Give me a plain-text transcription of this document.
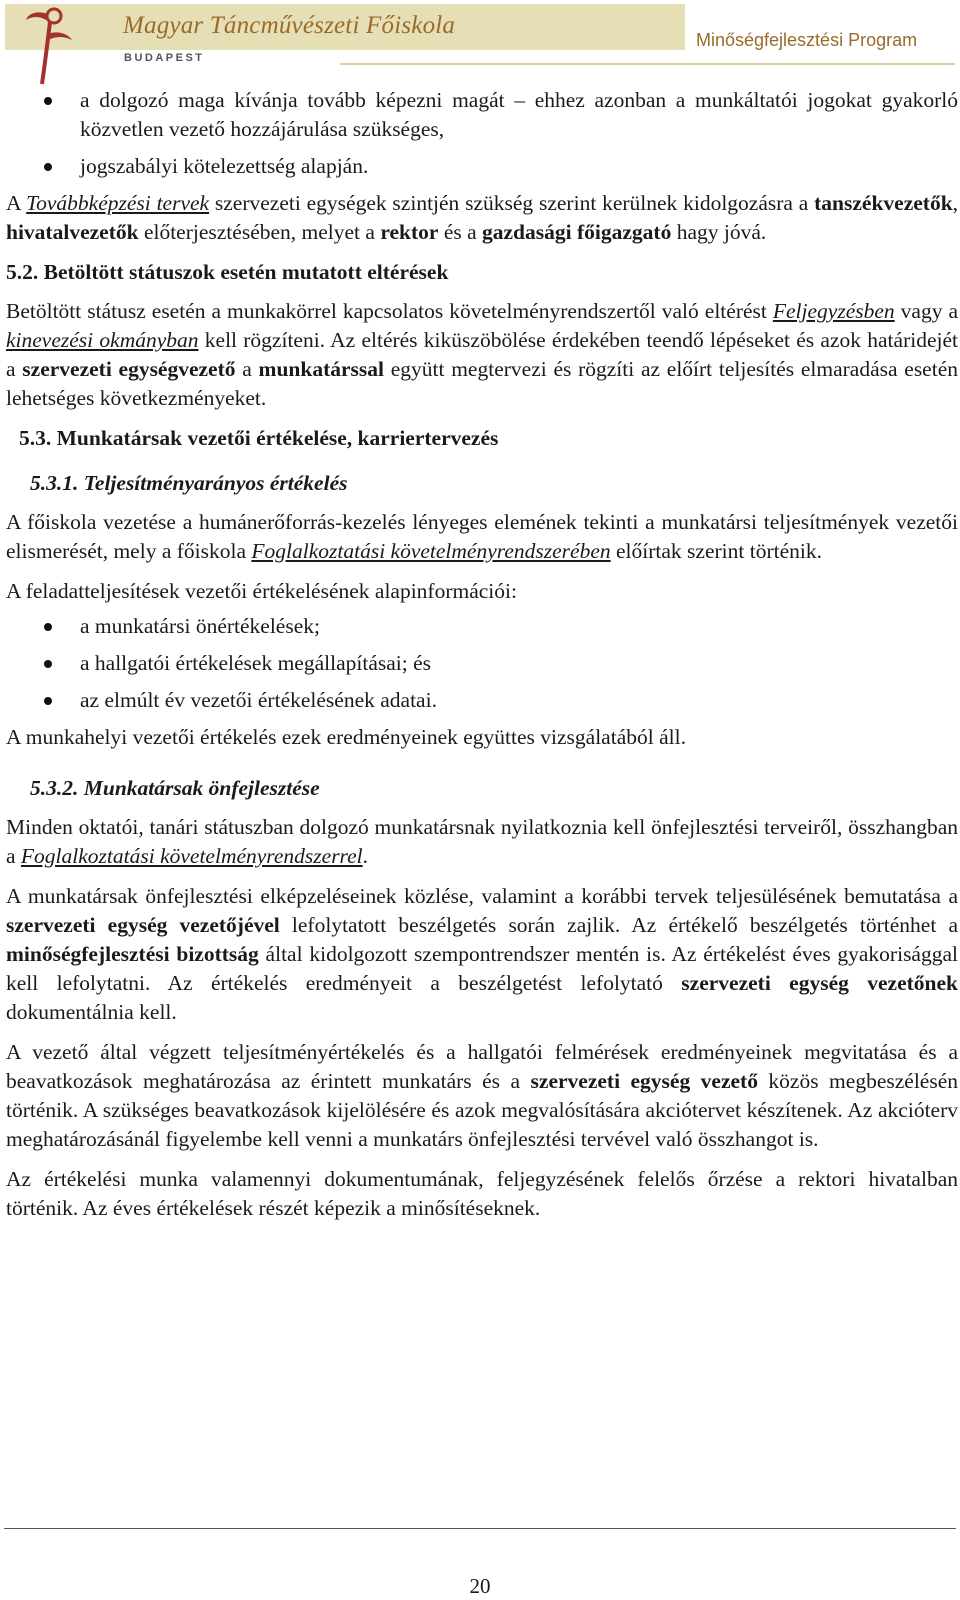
Magyar Táncművészeti Főiskola
BUDAPEST
Minőségfejlesztési Program
a dolgozó maga kívánja tovább képezni magát – ehhez azonban a munkáltatói jogokat gyakorló közvetlen vezető hozzájárulása szükséges,
jogszabályi kötelezettség alapján.

A Továbbképzési tervek szervezeti egységek szintjén szükség szerint kerülnek kidolgozásra a tanszékvezetők, hivatalvezetők előterjesztésében, melyet a rektor és a gazdasági főigazgató hagy jóvá.

5.2. Betöltött státuszok esetén mutatott eltérések

Betöltött státusz esetén a munkakörrel kapcsolatos követelményrendszertől való eltérést Feljegyzésben vagy a kinevezési okmányban kell rögzíteni. Az eltérés kiküszöbölése érdekében teendő lépéseket és azok határidejét a szervezeti egységvezető a munkatárssal együtt megtervezi és rögzíti az előírt teljesítés elmaradása esetén lehetséges következményeket.

5.3. Munkatársak vezetői értékelése, karriertervezés
5.3.1. Teljesítményarányos értékelés

A főiskola vezetése a humánerőforrás-kezelés lényeges elemének tekinti a munkatársi teljesítmények vezetői elismerését, mely a főiskola Foglalkoztatási követelményrendszerében előírtak szerint történik.

A feladatteljesítések vezetői értékelésének alapinformációi:

a munkatársi önértékelések;
a hallgatói értékelések megállapításai; és
az elmúlt év vezetői értékelésének adatai.

A munkahelyi vezetői értékelés ezek eredményeinek együttes vizsgálatából áll.

5.3.2. Munkatársak önfejlesztése

Minden oktatói, tanári státuszban dolgozó munkatársnak nyilatkoznia kell önfejlesztési terveiről, összhangban a Foglalkoztatási követelményrendszerrel.

A munkatársak önfejlesztési elképzeléseinek közlése, valamint a korábbi tervek teljesülésének bemutatása a szervezeti egység vezetőjével lefolytatott beszélgetés során zajlik. Az értékelő beszélgetés történhet a minőségfejlesztési bizottság által kidolgozott szempontrendszer mentén is. Az értékelést éves gyakorisággal kell lefolytatni. Az értékelés eredményeit a beszélgetést lefolytató szervezeti egység vezetőnek dokumentálnia kell.

A vezető által végzett teljesítményértékelés és a hallgatói felmérések eredményeinek megvitatása és a beavatkozások meghatározása az érintett munkatárs és a szervezeti egység vezető közös megbeszélésén történik. A szükséges beavatkozások kijelölésére és azok megvalósítására akciótervet készítenek. Az akcióterv meghatározásánál figyelembe kell venni a munkatárs önfejlesztési tervével való összhangot is.

Az értékelési munka valamennyi dokumentumának, feljegyzésének felelős őrzése a rektori hivatalban történik. Az éves értékelések részét képezik a minősítéseknek.

20
